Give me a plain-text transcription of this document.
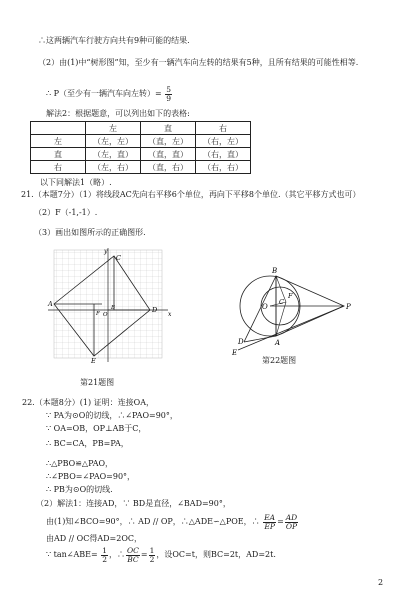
∴这两辆汽车行驶方向共有9种可能的结果.
（2）由(1)中“树形图”知，至少有一辆汽车向左转的结果有5种，且所有结果的可能性相等.
∴ P（至少有一辆汽车向左转）= $\frac{5}{9}$
解法2：根据题意，可以列出如下的表格:
	左	直	右
左	（左，左）	（直，左）	（右，左）
直	（左，直）	（直，直）	（右，直）
右	（左，右）	（直，右）	（右，右）
以下同解法1（略）.
21.（本题7分）（1）将线段AC先向右平移6个单位，再向下平移8个单位.（其它平移方式也可）
（2）F（-1,-1）.
（3）画出如图所示的正确图形.
y
x
C
A
D
E
F O
B
第21题图
B
O
C
F
P
A
D
E
第22题图
22.（本题8分）(1) 证明：连接OA，
∵ PA为⊙O的切线，∴∠PAO=90°，
∵ OA=OB，OP⊥AB于C，
∴ BC=CA，PB=PA，
∴△PBO≌△PAO，
∴∠PBO=∠PAO=90°，
∴ PB为⊙O的切线.
（2）解法1：连接AD，∵ BD是直径，∠BAD=90°，
由(1)知∠BCO=90°，∴ AD // OP，∴△ADE∽△POE，∴ $\frac{EA}{EP} = \frac{AD}{OP}$
由AD // OC得AD=2OC，
∵ tan∠ABE= $\frac{1}{2}$ ，∴ $\frac{OC}{BC} = \frac{1}{2}$ ，设OC=t，则BC=2t，AD=2t.
2
